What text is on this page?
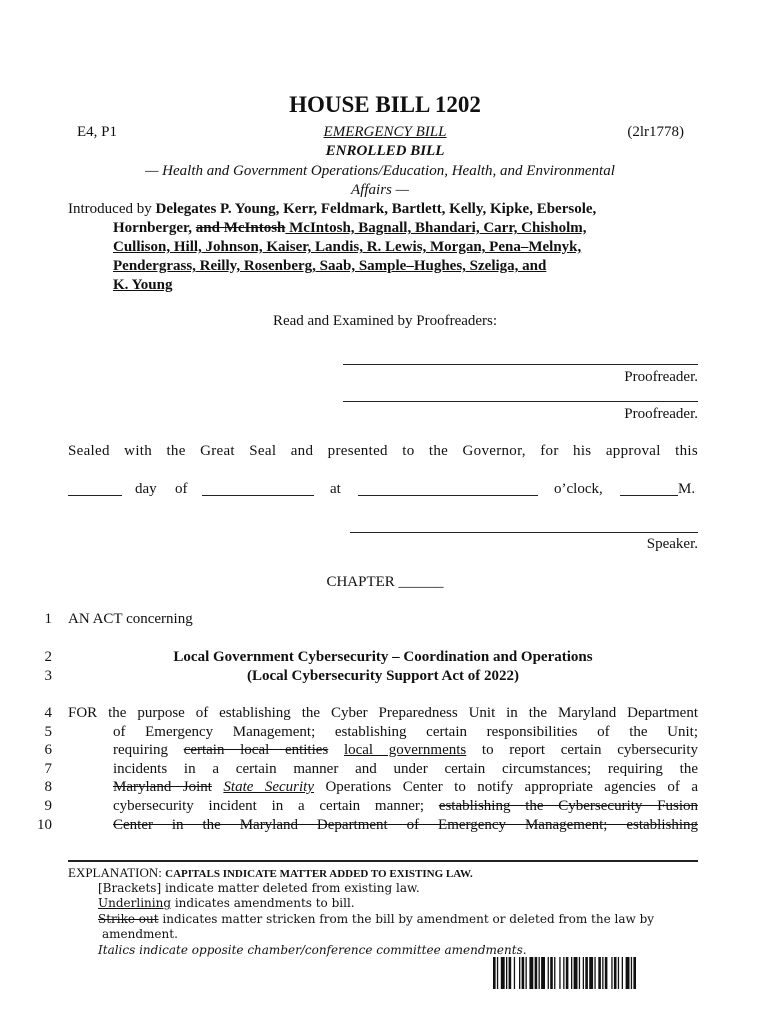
HOUSE BILL 1202
E4, P1	EMERGENCY BILL	(2lr1778)
ENROLLED BILL
— Health and Government Operations/Education, Health, and Environmental
Affairs —
Introduced by Delegates P. Young, Kerr, Feldmark, Bartlett, Kelly, Kipke, Ebersole,
Hornberger, and McIntosh McIntosh, Bagnall, Bhandari, Carr, Chisholm,
Cullison, Hill, Johnson, Kaiser, Landis, R. Lewis, Morgan, Pena–Melnyk,
Pendergrass, Reilly, Rosenberg, Saab, Sample–Hughes, Szeliga, and
K. Young
Read and Examined by Proofreaders:
Proofreader.
Proofreader.
Sealed with the Great Seal and presented to the Governor, for his approval this
day of	at	o’clock,	M.
Speaker.
CHAPTER ______
1
2
3
4
5
6
7
8
9
10
AN ACT concerning
Local Government Cybersecurity – Coordination and Operations
(Local Cybersecurity Support Act of 2022)
FOR the purpose of establishing the Cyber Preparedness Unit in the Maryland Department
of Emergency Management; establishing certain responsibilities of the Unit;
requiring certain local entities local governments to report certain cybersecurity
incidents in a certain manner and under certain circumstances; requiring the
Maryland Joint State Security Operations Center to notify appropriate agencies of a
cybersecurity incident in a certain manner; establishing the Cybersecurity Fusion
Center in the Maryland Department of Emergency Management; establishing
EXPLANATION: CAPITALS INDICATE MATTER ADDED TO EXISTING LAW.
[Brackets] indicate matter deleted from existing law.
Underlining indicates amendments to bill.
Strike out indicates matter stricken from the bill by amendment or deleted from the law by
amendment.
Italics indicate opposite chamber/conference committee amendments.
